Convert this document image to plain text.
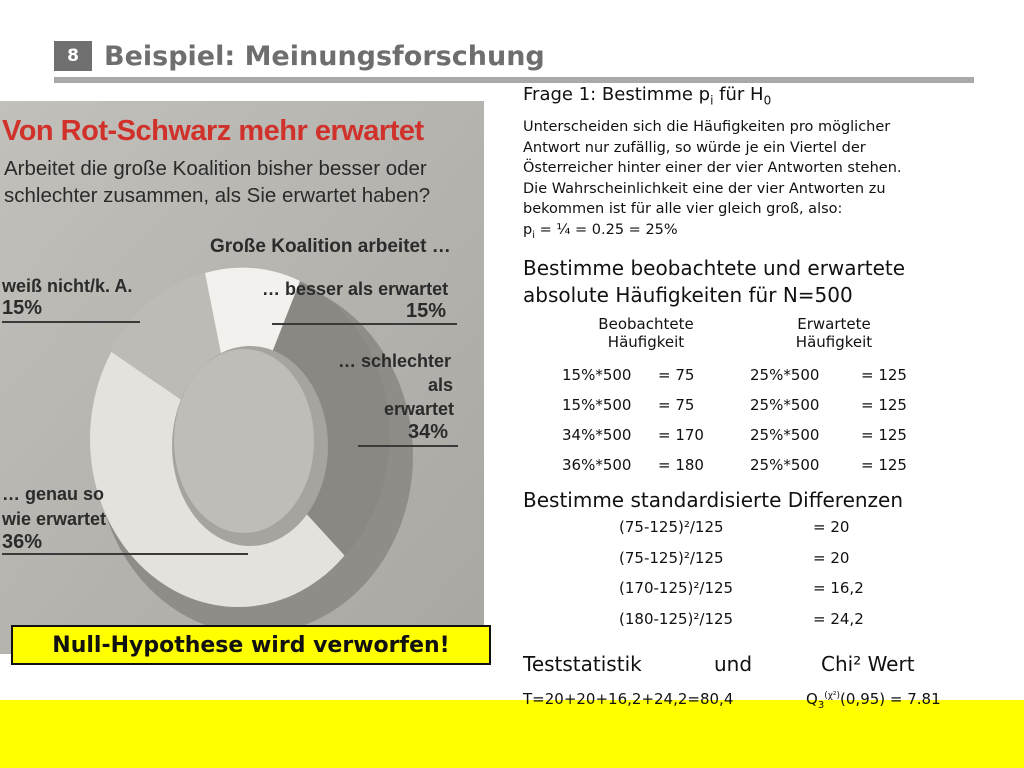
8 Beispiel: Meinungsforschung
Von Rot-Schwarz mehr erwartet
Arbeitet die große Koalition bisher besser oder
schlechter zusammen, als Sie erwartet haben?
Große Koalition arbeitet …
weiß nicht/k. A.
15%
… besser als erwartet
15%
… schlechter
als
erwartet
34%
… genau so
wie erwartet
36%
Null-Hypothese wird verworfen!
Frage 1: Bestimme $p_i$ für $H_0$
Unterscheiden sich die Häufigkeiten pro möglicher
Antwort nur zufällig, so würde je ein Viertel der
Österreicher hinter einer der vier Antworten stehen.
Die Wahrscheinlichkeit eine der vier Antworten zu
bekommen ist für alle vier gleich groß, also:
$p_i$ = ¼ = 0.25 = 25%
Bestimme beobachtete und erwartete
absolute Häufigkeiten für N=500
Beobachtete
Häufigkeit
Erwartete
Häufigkeit
15%*500 = 75	25%*500	= 125
15%*500 = 75	25%*500	= 125
34%*500 = 170	25%*500	= 125
36%*500 = 180	25%*500	= 125
Bestimme standardisierte Differenzen
(75-125)²/125	= 20
(75-125)²/125	= 20
(170-125)²/125	= 16,2
(180-125)²/125	= 24,2
Teststatistik	und	Chi² Wert
T=20+20+16,2+24,2=80,4	$Q_3^{(\chi^2)}(0,95) = 7.81$
